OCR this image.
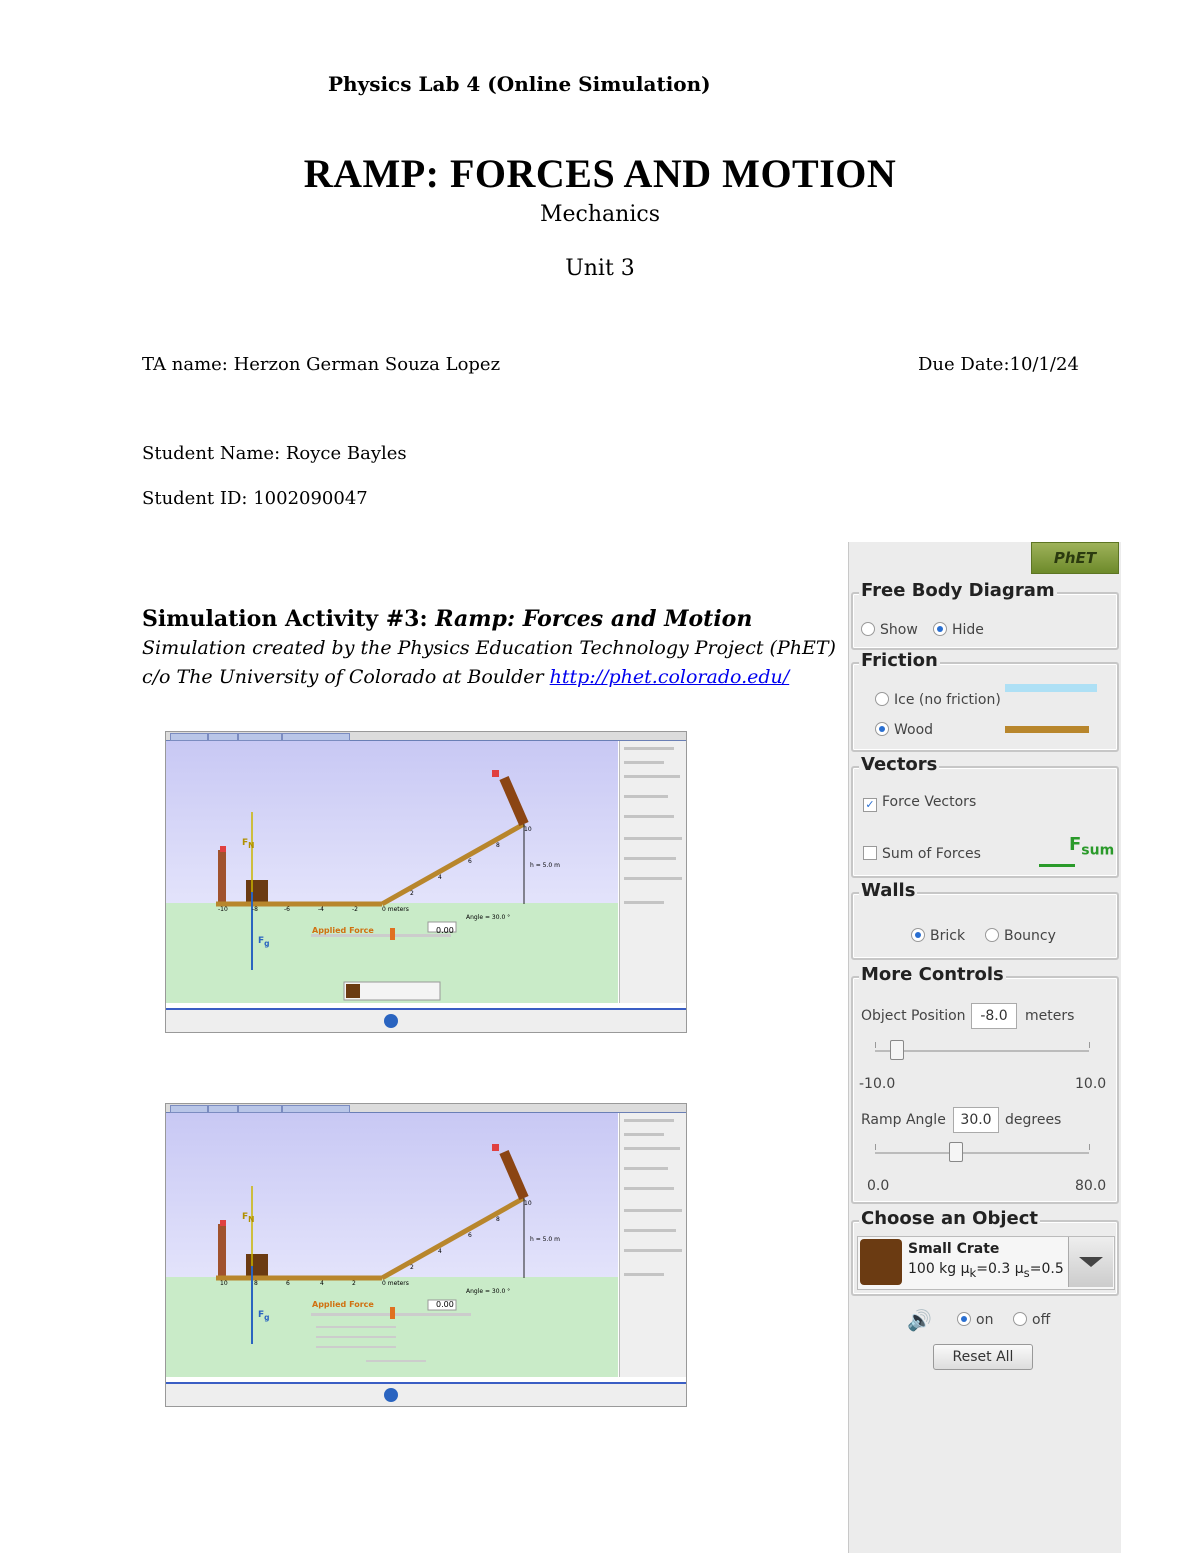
Physics Lab 4 (Online Simulation)
RAMP: FORCES AND MOTION
Mechanics
Unit 3
TA name: Herzon German Souza Lopez	Due Date:10/1/24
Student Name: Royce Bayles
Student ID: 1002090047
Simulation Activity #3: Ramp: Forces and Motion
Simulation created by the Physics Education Technology Project (PhET)
c/o The University of Colorado at Boulder http://phet.colorado.edu/
$F_N$
$F_g$
Applied Force	0.00
Angle = 30.0 °
h = 5.0 m
-10	-8	-6	-4	-2	0 meters
2
4
6
8
10
$F_N$
$F_g$
Applied Force	0.00
Angle = 30.0 °
h = 5.0 m
10	8	6	4	2	0 meters
2
4
6
8
10
PhET
Free Body Diagram
Show	Hide
Friction
Ice (no friction)
Wood
Vectors
✓ Force Vectors
Sum of Forces	$F_{sum}$
Walls
Brick	Bouncy
More Controls
Object Position	-8.0	meters
-10.0	10.0
Ramp Angle	30.0 degrees
0.0	80.0
Choose an Object
Small Crate
100 kg $\mu_k=0.3$ $\mu_s=0.5$
🔊	on	off
Reset All
